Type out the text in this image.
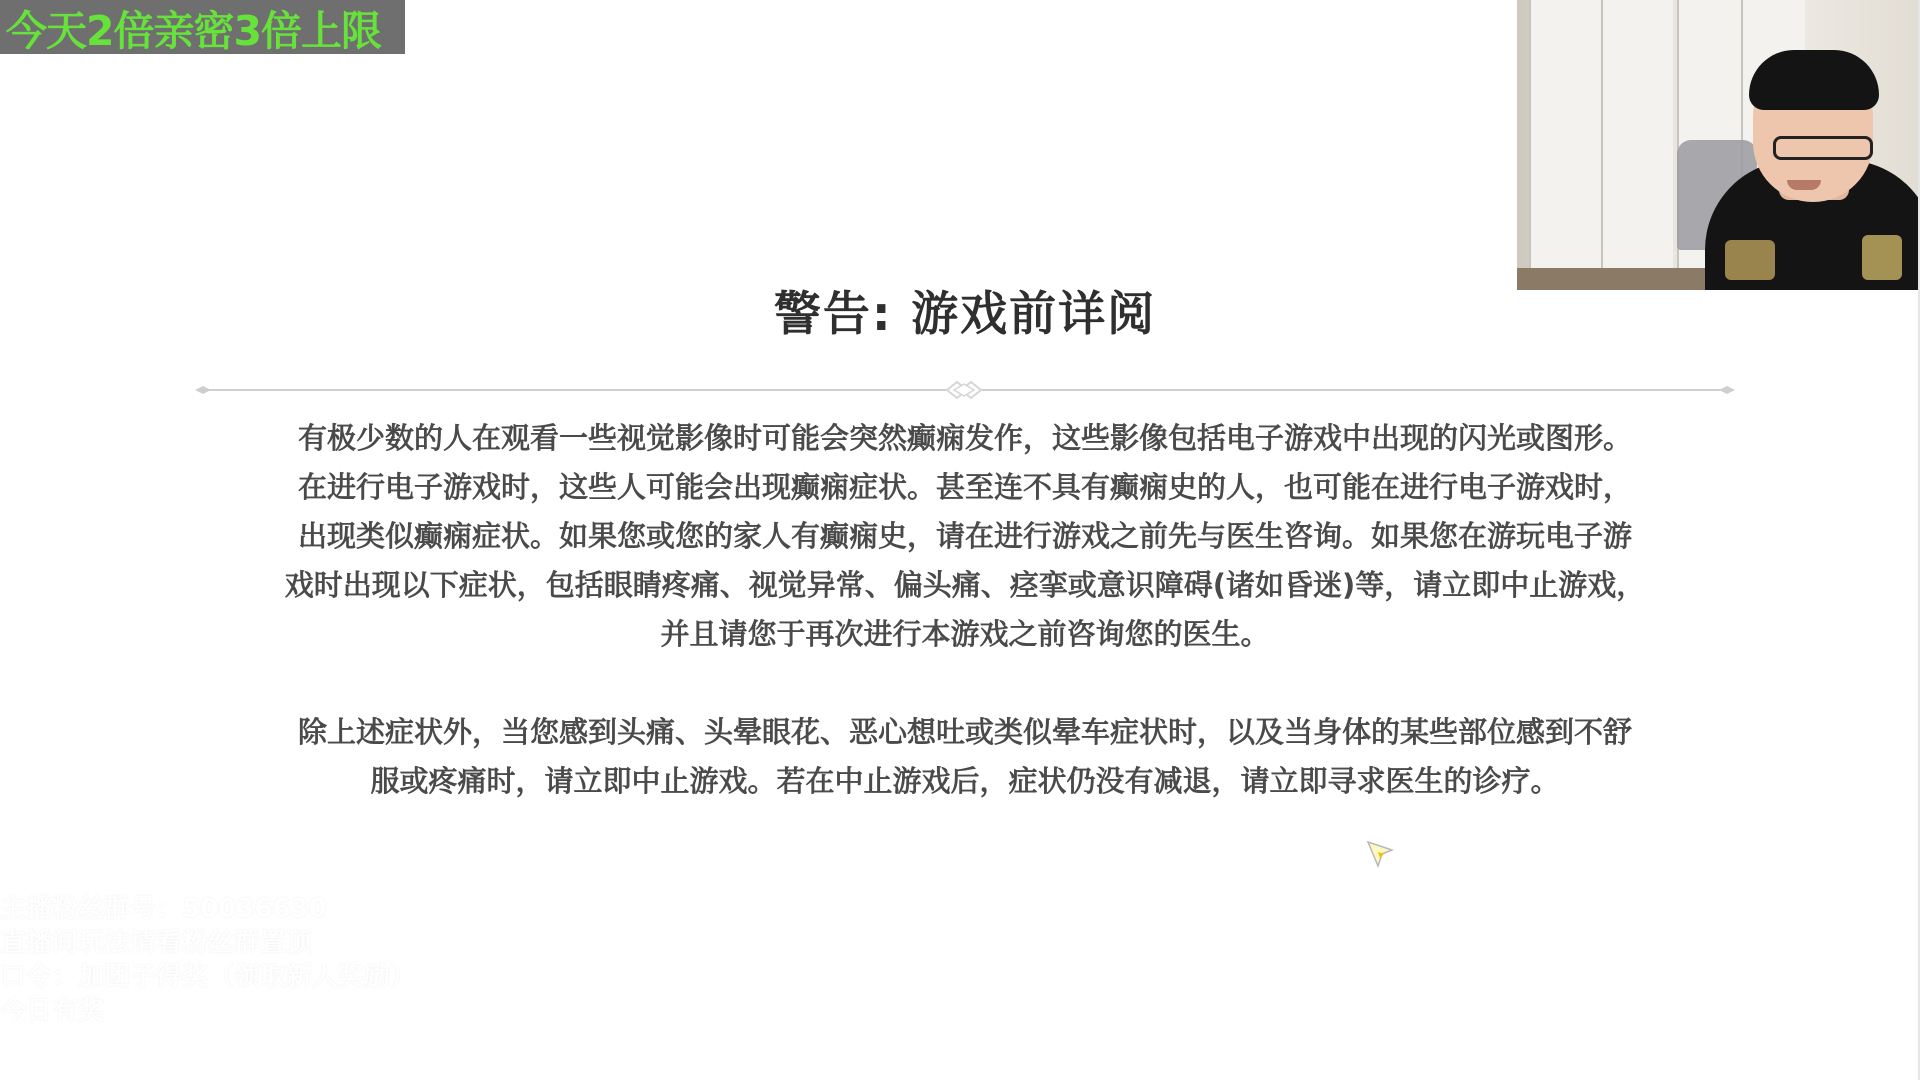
今天2倍亲密3倍上限
警告: 游戏前详阅

有极少数的人在观看一些视觉影像时可能会突然癫痫发作，这些影像包括电子游戏中出现的闪光或图形。
在进行电子游戏时，这些人可能会出现癫痫症状。甚至连不具有癫痫史的人，也可能在进行电子游戏时，
出现类似癫痫症状。如果您或您的家人有癫痫史，请在进行游戏之前先与医生咨询。如果您在游玩电子游
戏时出现以下症状，包括眼睛疼痛、视觉异常、偏头痛、痉挛或意识障碍(诸如昏迷)等，请立即中止游戏，
并且请您于再次进行本游戏之前咨询您的医生。

除上述症状外，当您感到头痛、头晕眼花、恶心想吐或类似晕车症状时，以及当身体的某些部位感到不舒
服或疼痛时，请立即中止游戏。若在中止游戏后，症状仍没有减退，请立即寻求医生的诊疗。

主播粉丝群号：50036630
直播间玩法请看粉丝群置顶
口令：加团子得奖（领取新人奖励）
今日有奖
